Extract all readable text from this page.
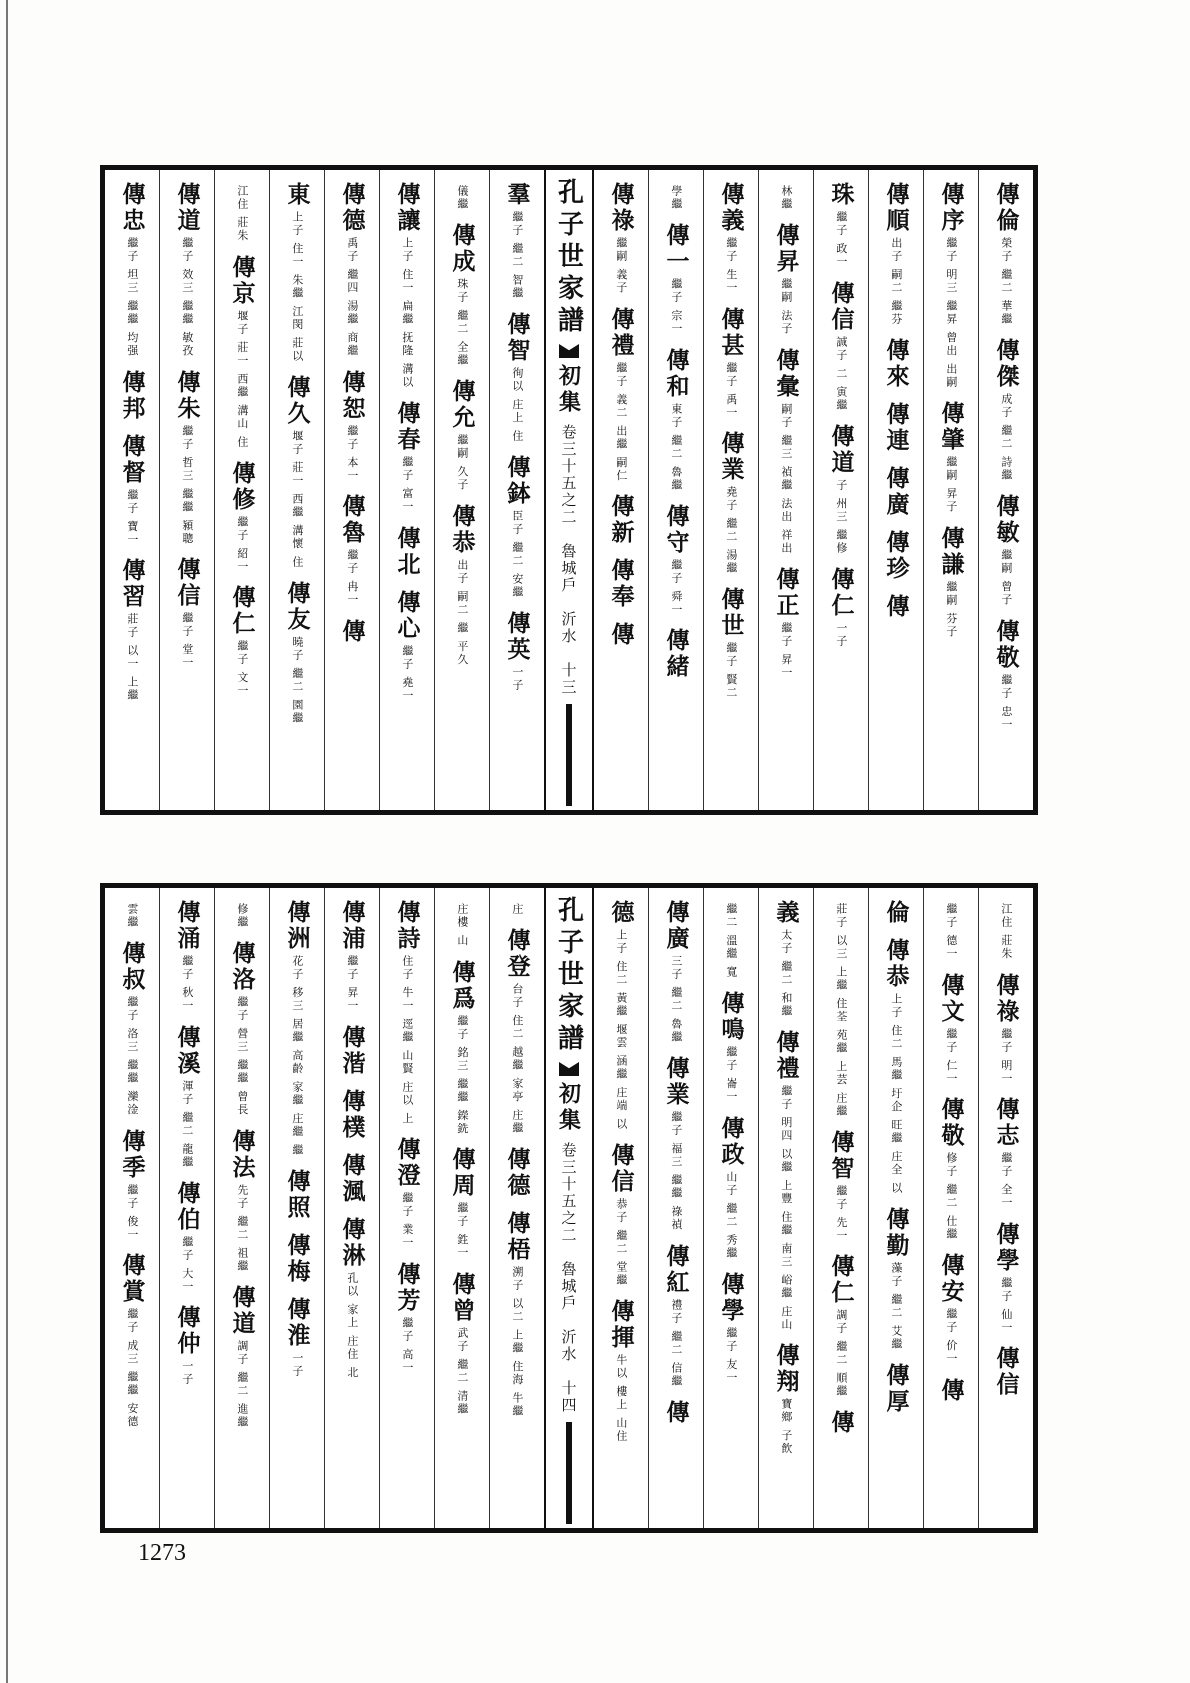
傳倫
榮子 繼二 華繼
傳傑
成子 繼二 詩繼
傳敏
繼嗣 曾子
傳敬
繼子 忠一
傳序
繼子 明三 繼昇 曾出 出嗣
傳肇
繼嗣 昇子
傳謙
繼嗣 芬子
傳順
出子 嗣二 繼芬
傳來
傳連
傳廣
傳珍
傳
珠
繼子 政一
傳信
誠子 二 寅繼
傳道
子 州三 繼修
傳仁
一子
林繼
傳昇
繼嗣 法子
傳彙
嗣子 繼三 禎繼 法出 祥出
傳正
繼子 昇一
傳義
繼子 生一
傳甚
繼子 禹一
傳業
堯子 繼二 湯繼
傳世
繼子 賢二
學繼
傳一
繼子 宗一
傳和
東子 繼二 魯繼
傳守
繼子 舜一
傳緒
傳祿
繼嗣 義子
傳禮
繼子 義二 出繼 嗣仁
傳新
傳奉
傳
孔子世家譜
初集
卷三十五之二　魯城戶　沂水　十三
羣
繼子 繼二 智繼
傳智
徇以 庄上 住
傳鉢
臣子 繼二 安繼
傳英
一子
儀繼
傳成
珠子 繼二 全繼
傳允
繼嗣 久子
傳恭
出子 嗣二 繼 平久
傳讓
上子 住一 扁繼 抚隆 溝以
傳春
繼子 富一
傳北
傳心
繼子 堯一
傳德
禹子 繼四 湯繼 商繼
傳恕
繼子 本一
傳魯
繼子 冉一
傳
東
上子 住一 朱繼 江閔 莊以
傳久
堰子 莊一 西繼 溝懷 住
傳友
曉子 繼二 園繼
江住 莊朱
傳京
堰子 莊一 西繼 溝山 住
傳修
繼子 紹一
傳仁
繼子 文一
傳道
繼子 效三 繼繼 敏孜
傳朱
繼子 哲三 繼繼 潁聰
傳信
繼子 堂一
傳忠
繼子 坦三 繼繼 均强
傳邦
傳督
繼子 寶一
傳習
莊子 以一 上繼
江住 莊朱
傳祿
繼子 明一
傳志
繼子 全一
傳學
繼子 仙一
傳信
繼子 德一
傳文
繼子 仁一
傳敬
修子 繼二 仕繼
傳安
繼子 价一
傳
倫
傳恭
上子 住二 馬繼 圩企 旺繼 庄全 以
傳勤
藻子 繼二 艾繼
傳厚
莊子 以三 上繼 住荃 苑繼 上芸 庄繼
傳智
繼子 先一
傳仁
調子 繼二 順繼
傳
義
太子 繼二 和繼
傳禮
繼子 明四 以繼 上豐 住繼 南三 峪繼 庄山
傳翔
寶鄉 子飲
繼二 溫繼 寬
傳鳴
繼子 崙一
傳政
山子 繼二 秀繼
傳學
繼子 友一
傳廣
三子 繼二 魯繼
傳業
繼子 福三 繼繼 祿禎
傳紅
禮子 繼二 信繼
傳
德
上子 住二 黃繼 堰雲 涵繼 庄端 以
傳信
恭子 繼二 堂繼
傳揮
牛以 樓上 山住
孔子世家譜
初集
卷三十五之二　魯城戶　沂水　十四
庄
傳登
台子 住二 越繼 家亭 庄繼
傳德
傳梧
溯子 以二 上繼 住海 牛繼
庄樓 山
傳爲
繼子 銘三 繼繼 鑅銑
傳周
繼子 鉎一
傳曾
武子 繼二 清繼
傳詩
住子 牛一 逕繼 山賢 庄以 上
傳澄
繼子 業一
傳芳
繼子 高一
傳浦
繼子 昇一
傳湝
傳樸
傳渢
傳淋
孔以 家上 庄住 北
傳洲
花子 移三 居繼 高齡 家繼 庄繼 繼
傳照
傳梅
傳淮
一子
修繼
傳洛
繼子 營三 繼繼 曾長
傳法
先子 繼二 祖繼
傳道
調子 繼二 進繼
傳涌
繼子 秋一
傳溪
渾子 繼二 龍繼
傳伯
繼子 大一
傳仲
一子
雲繼
傳叔
繼子 洛三 繼繼 灤淦
傳季
繼子 俊一
傳賞
繼子 成三 繼繼 安德
1273
